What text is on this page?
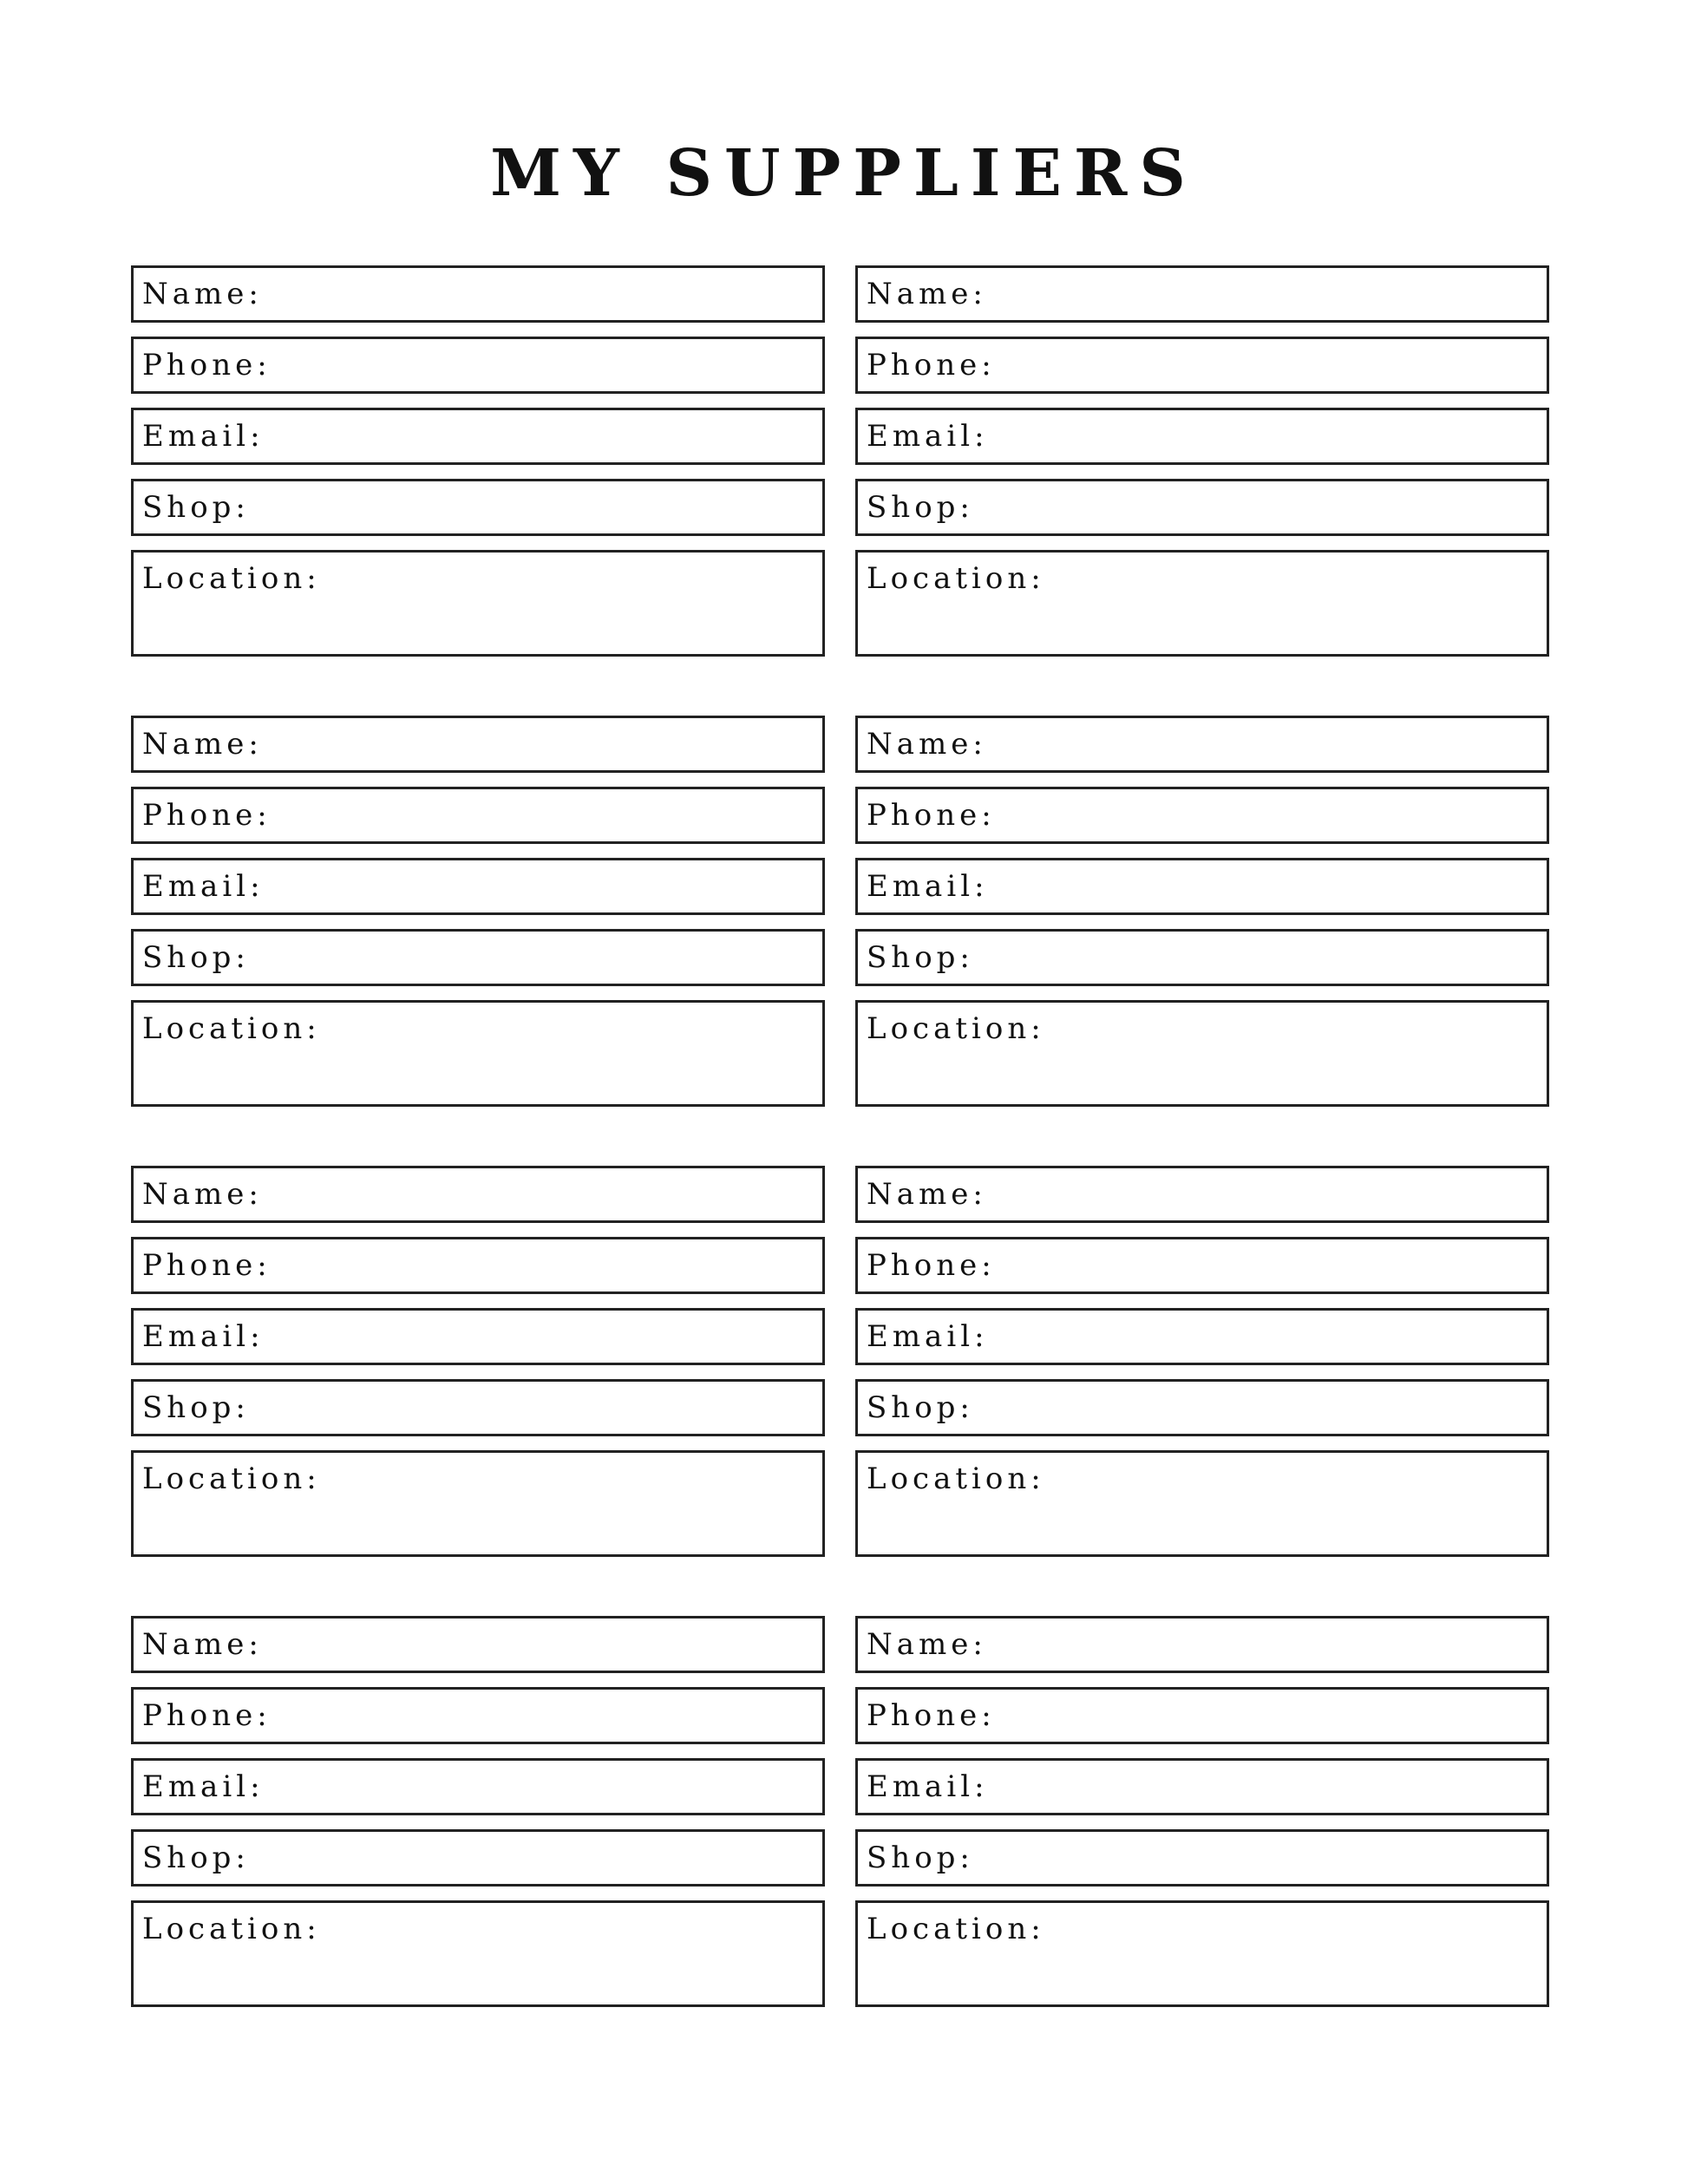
MY SUPPLIERS
Name:
Phone:
Email:
Shop:
Location:
Name:
Phone:
Email:
Shop:
Location:
Name:
Phone:
Email:
Shop:
Location:
Name:
Phone:
Email:
Shop:
Location:
Name:
Phone:
Email:
Shop:
Location:
Name:
Phone:
Email:
Shop:
Location:
Name:
Phone:
Email:
Shop:
Location:
Name:
Phone:
Email:
Shop:
Location:
